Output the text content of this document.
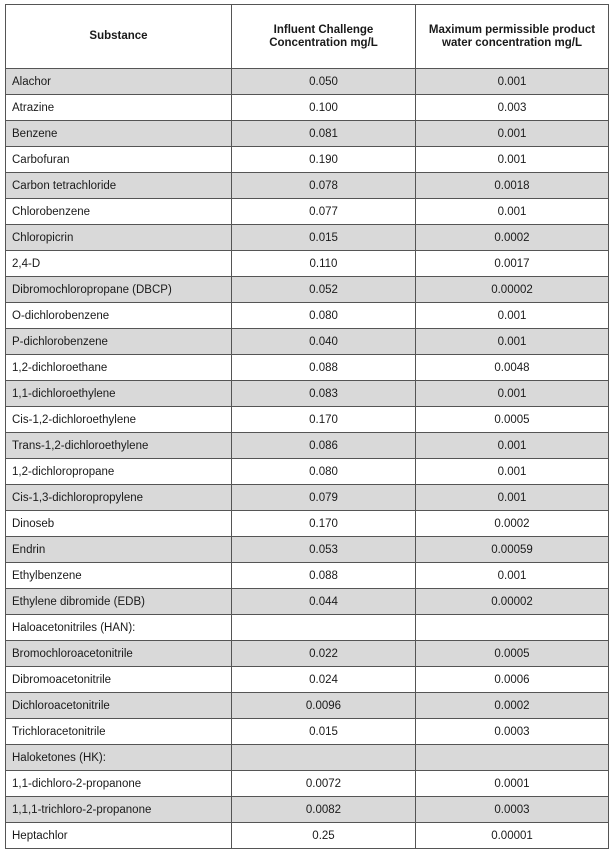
Substance	Influent Challenge Concentration mg/L	Maximum permissible product water concentration mg/L
Alachor	0.050	0.001
Atrazine	0.100	0.003
Benzene	0.081	0.001
Carbofuran	0.190	0.001
Carbon tetrachloride	0.078	0.0018
Chlorobenzene	0.077	0.001
Chloropicrin	0.015	0.0002
2,4-D	0.110	0.0017
Dibromochloropropane (DBCP)	0.052	0.00002
O-dichlorobenzene	0.080	0.001
P-dichlorobenzene	0.040	0.001
1,2-dichloroethane	0.088	0.0048
1,1-dichloroethylene	0.083	0.001
Cis-1,2-dichloroethylene	0.170	0.0005
Trans-1,2-dichloroethylene	0.086	0.001
1,2-dichloropropane	0.080	0.001
Cis-1,3-dichloropropylene	0.079	0.001
Dinoseb	0.170	0.0002
Endrin	0.053	0.00059
Ethylbenzene	0.088	0.001
Ethylene dibromide (EDB)	0.044	0.00002
Haloacetonitriles (HAN):		
Bromochloroacetonitrile	0.022	0.0005
Dibromoacetonitrile	0.024	0.0006
Dichloroacetonitrile	0.0096	0.0002
Trichloracetonitrile	0.015	0.0003
Haloketones (HK):		
1,1-dichloro-2-propanone	0.0072	0.0001
1,1,1-trichloro-2-propanone	0.0082	0.0003
Heptachlor	0.25	0.00001
